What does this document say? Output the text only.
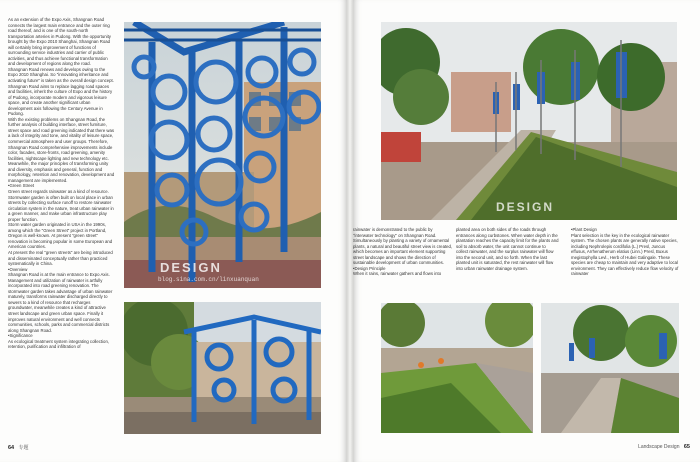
As an extension of the Expo Axis, Shangnan Road connects the largest main entrance and the outer ring road thereof, and is one of the south-north transportation arteries in Pudong. With the opportunity brought by the Expo 2010 Shanghai, Shangnan Road will certainly bring improvement of functions of surrounding service industries and carrier of public activities, and thus achieve functional transformation and development of regions along the road.

Shangnan Road renews and develops owing to the Expo 2010 Shanghai. So "innovating inheritance and activating future" is taken as the overall design concept.

Shangnan Road aims to replace lagging road spaces and facilities, inherit the culture of Expo and the history of Pudong, incorporate modern and vigorous leisure space, and create another significant urban development axis following the Century Avenue in Pudong.

With the existing problems on Shangnan Road, the further analysis of building interface, street furniture, street space and road greening indicated that there was a lack of integrity and tone, and vitality of leisure space, commercial atmosphere and user groups. Therefore, Shangnan Road comprehensive improvements include color, facades, store-fronts, road greening, amenity facilities, nightscape lighting and new technology etc. Meanwhile, the major principles of transforming unity and diversity, emphasis and general, function and morphology, retention and renovation, development and management are implemented.

•Green Street

Green street regards rainwater as a kind of resource. Stormwater garden is often built on local place in urban streets by collecting surface runoff to restore rainwater circulation system in the nature, treat urban rainwater in a green manner, and make urban infrastructure play proper function.

Storm water garden originated in USA in the 1990s, among which the "Green Street" project in Portland, Oregon is well-known. At present "green street" renovation is becoming popular in some European and American countries.

At present the real "green streets" are being introduced and disseminated conceptually rather than practiced systematically in China.

•Overview

Shangnan Road is at the main entrance to Expo Axis. Management and utilization of rainwater is artfully incorporated into road greening renovation. The stormwater garden takes advantage of urban rainwater maturely, transforms rainwater discharged directly to sewers to a kind of resource that recharges groundwater, meanwhile creates a kind of attractive street landscape and green urban space. Finally it improves natural environment and well connects communities, schools, parks and commercial districts along Shangnan Road.

•Significance

As ecological treatment system integrating collection, retention, purification and infiltration of

DESIGN
blog.sina.com.cn/linxuanquan
64 专题

rainwater is demonstrated to the public by "interwater technology" on Shangnan Road. Simultaneously by planting a variety of ornamental plants, a natural and beautiful street view is created, which becomes an important element supporting street landscape and shows the direction of sustainable development of urban communities.

•Design Principle

When it rains, rainwater gathers and flows into

DESIGN

planted area on both sides of the roads through entrances along curbstones. When water depth in the plantation reaches the capacity limit for the plants and soil to absorb water, the unit cannot continue to collect rainwater, and the surplus rainwater will flow into the second unit, and so forth. When the last planted unit is saturated, the rest rainwater will flow into urban rainwater drainage system.

•Plant Design

Plant selection is the key in the ecological rainwater system. The chosen plants are generally native species, including Nephrolepis cordifolia (L.) Presl, Juncus effusus, Arrhenatherum elatius (Linn.) Presl, Buxus megistophylla Levl., Herb of Hubei Galingale. These species are cheap to maintain and very adaptive to local environment. They can effectively reduce flow velocity of rainwater

Landscape Design 65
